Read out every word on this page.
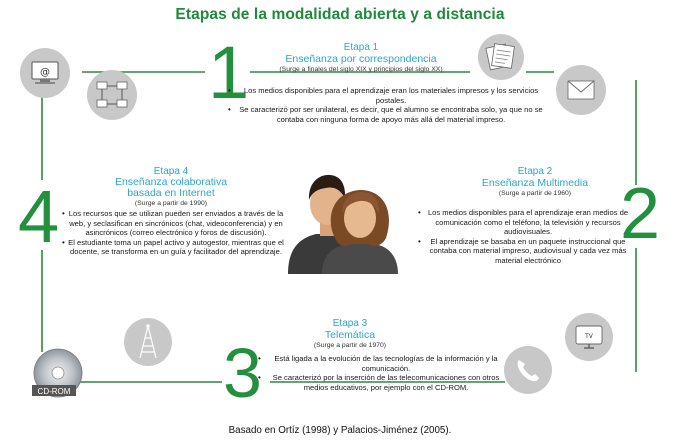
Etapas de la modalidad abierta y a distancia
1	Etapa 1
Enseñanza por correspondencia
(Surge a finales del siglo XIX y principios del siglo XX)
• Los medios disponibles para el aprendizaje eran los materiales impresos y los servicios postales.
• Se caracterizó por ser unilateral, es decir, que el alumno se encontraba solo, ya que no se contaba con ninguna forma de apoyo más allá del material impreso.
Etapa 2
Enseñanza Multimedia
(Surge a partir de 1960)
• Los medios disponibles para el aprendizaje eran medios de comunicación como el teléfono, la televisión y recursos audiovisuales.
• El aprendizaje se basaba en un paquete instruccional que contaba con material impreso, audiovisual y cada vez más material electrónico
2
3
Etapa 3
Telemática
(Surge a partir de 1970)
• Está ligada a la evolución de las tecnologías de la información y la comunicación.
• Se caracterizó por la inserción de las telecomunicaciones con otros medios educativos, por ejemplo con el CD-ROM.
4
Etapa 4
Enseñanza colaborativa basada en Internet
(Surge a partir de 1990)
• Los recursos que se utilizan pueden ser enviados a través de la web, y seclasifican en sincrónicos (chat, videoconferencia) y en asincrónicos (correo electrónico y foros de discusión).
• El estudiante toma un papel activo y autogestor, mientras que el docente, se transforma en un guía y facilitador del aprendizaje.
@
CD-ROM
TV
Basado en Ortíz (1998) y Palacios-Jiménez (2005).
